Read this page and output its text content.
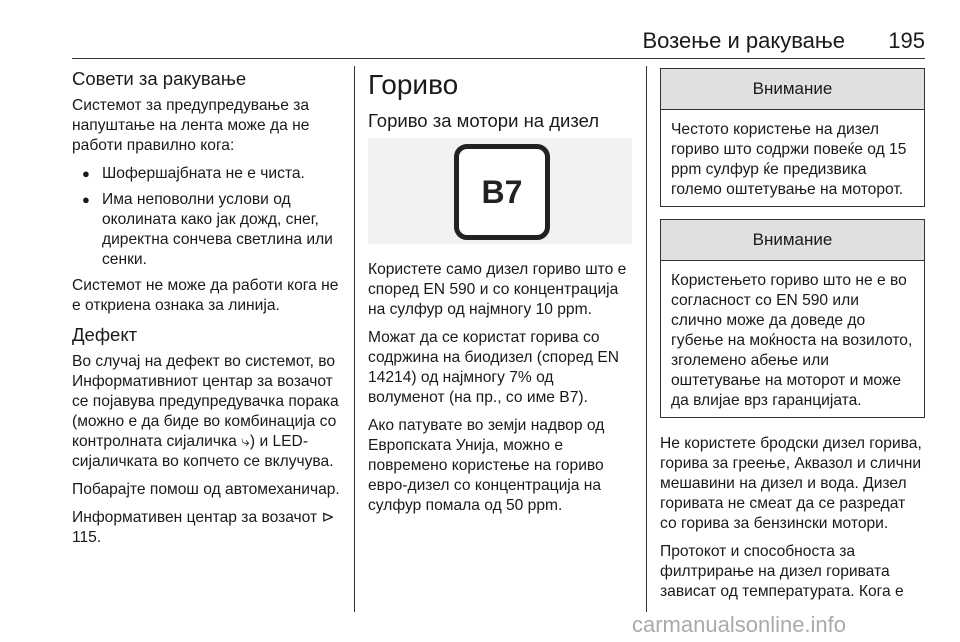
Возење и ракување 195
Совети за ракување

Системот за предупредување за напуштање на лента може да не работи правилно кога:

● Шофершајбната не е чиста.
● Има неповолни услови од околината како јак дожд, снег, директна сончева светлина или сенки.

Системот не може да работи кога не е откриена ознака за линија.

Дефект

Во случај на дефект во системот, во Информативниот центар за возачот се појавува предупредувачка порака (можно е да биде во комбинација со контролната сијаличка ⤷) и LED-сијаличката во копчето се вклучува.

Побарајте помош од автомеханичар.

Информативен центар за возачот ⊳ 115.

Гориво
Гориво за мотори на дизел
B7

Користете само дизел гориво што е според EN 590 и со концентрација на сулфур од најмногу 10 ppm.

Можат да се користат горива со содржина на биодизел (според EN 14214) од најмногу 7% од волуменот (на пр., со име B7).

Ако патувате во земји надвор од Европската Унија, можно е повремено користење на гориво евро-дизел со концентрација на сулфур помала од 50 ppm.

Внимание
Честото користење на дизел гориво што содржи повеќе од 15 ppm сулфур ќе предизвика големо оштетување на моторот.
Внимание
Користењето гориво што не е во согласност со EN 590 или слично може да доведе до губење на моќноста на возилото, зголемено абење или оштетување на моторот и може да влијае врз гаранцијата.

Не користете бродски дизел горива, горива за греење, Аквазол и слични мешавини на дизел и вода. Дизел горивата не смеат да се разредат со горива за бензински мотори.

Протокот и способноста за филтрирање на дизел горивата зависат од температурата. Кога е

carmanualsonline.info
